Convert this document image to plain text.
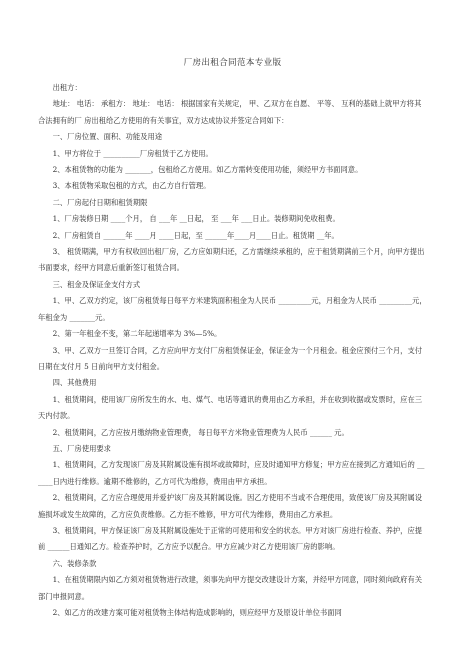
厂房出租合同范本专业版

出租方：

地址： 电话： 承租方： 地址： 电话： 根据国家有关规定， 甲、乙双方在自愿、 平等、 互利的基础上就甲方将其合法拥有的厂 房出租给乙方使用的有关事宜，双方达成协议并签定合同如下：

一、厂房位置、面积、功能及用途

1、甲方将位于 __________厂房租赁于乙方使用。

2、本租赁物的功能为 _______，包租给乙方使用。如乙方需转变使用功能，须经甲方书面同意。

3、本租赁物采取包租的方式，由乙方自行管理。

二、厂房起付日期和租赁期限

1、厂房装修日期 ____个月， 自 ___年 __日起， 至 ___年 ___日止。装修期间免收租费。

2、厂房租赁自 ______年 ____月 ____日起，至 ______年____月____日止。租赁期 __年。

3、 租赁期满，甲方有权收回出租厂房，乙方应如期归还，乙方需继续承租的，应于租赁期满前三个月，向甲方提出书面要求，经甲方同意后重新签订租赁合同。

三、租金及保证金支付方式

1、甲、乙双方约定，该厂房租赁每日每平方米建筑面积租金为人民币 _________元，月租金为人民币 _________元，年租金为 _______元。

2、第一年租金不变，第二年起递增率为 3%—5%。

3、甲、乙双方一旦签订合同，乙方应向甲方支付厂房租赁保证金，保证金为一个月租金。租金应预付三个月，支付日期在支付月 5 日前向甲方支付租金。

四、其他费用

1、租赁期间，使用该厂房所发生的水、电、煤气、电话等通讯的费用由乙方承担，并在收到收据或发票时，应在三天内付款。

2、租赁期间，乙方应按月缴纳物业管理费， 每日每平方米物业管理费为人民币 ______ 元。

五、厂房使用要求

1、租赁期间，乙方发现该厂房及其附属设施有损坏或故障时，应及时通知甲方修复；甲方应在接到乙方通知后的 ______日内进行维修。逾期不维修的，乙方可代为维修，费用由甲方承担。

2、租赁期间，乙方应合理使用并爱护该厂房及其附属设施。因乙方使用不当或不合理使用，致使该厂房及其附属设施损坏或发生故障的，乙方应负责维修。乙方拒不维修，甲方可代为维修，费用由乙方承担。

3、租赁期间，甲方保证该厂房及其附属设施处于正常的可使用和安全的状态。甲方对该厂房进行检查、养护，应提前 ______日通知乙方。检查养护时，乙方应予以配合。甲方应减少对乙方使用该厂房的影响。

六、装修条款

1、在租赁期限内如乙方须对租赁物进行改建，须事先向甲方提交改建设计方案，并经甲方同意，同时须向政府有关部门申报同意。

2、如乙方的改建方案可能对租赁物主体结构造成影响的，则应经甲方及原设计单位书面同
